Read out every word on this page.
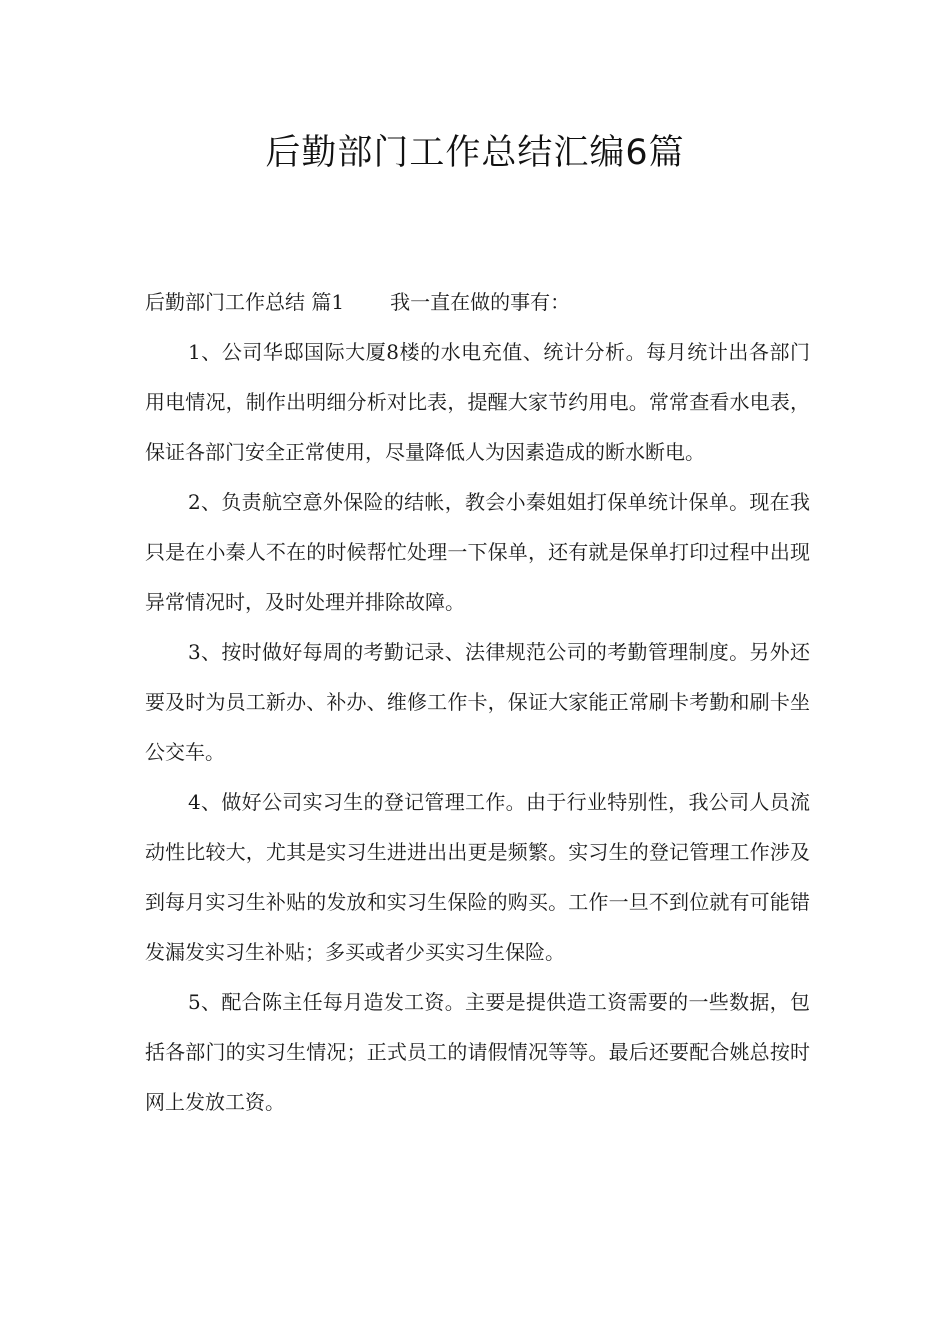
后勤部门工作总结汇编6篇

后勤部门工作总结 篇1 我一直在做的事有：

1、公司华邸国际大厦8楼的水电充值、统计分析。每月统计出各部门用电情况，制作出明细分析对比表，提醒大家节约用电。常常查看水电表，保证各部门安全正常使用，尽量降低人为因素造成的断水断电。

2、负责航空意外保险的结帐，教会小秦姐姐打保单统计保单。现在我只是在小秦人不在的时候帮忙处理一下保单，还有就是保单打印过程中出现异常情况时，及时处理并排除故障。

3、按时做好每周的考勤记录、法律规范公司的考勤管理制度。另外还要及时为员工新办、补办、维修工作卡，保证大家能正常刷卡考勤和刷卡坐公交车。

4、做好公司实习生的登记管理工作。由于行业特别性，我公司人员流动性比较大，尤其是实习生进进出出更是频繁。实习生的登记管理工作涉及到每月实习生补贴的发放和实习生保险的购买。工作一旦不到位就有可能错发漏发实习生补贴；多买或者少买实习生保险。

5、配合陈主任每月造发工资。主要是提供造工资需要的一些数据，包括各部门的实习生情况；正式员工的请假情况等等。最后还要配合姚总按时网上发放工资。
